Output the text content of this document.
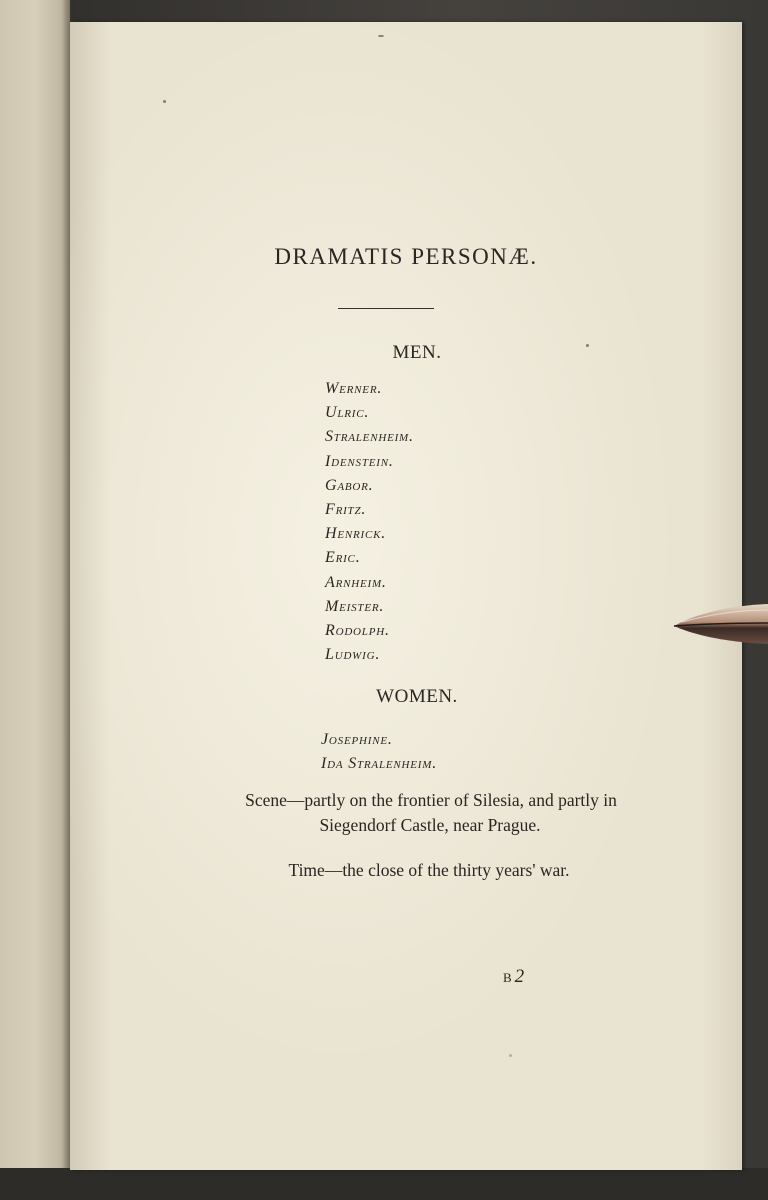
DRAMATIS PERSONÆ.
MEN.
Werner.
Ulric.
Stralenheim.
Idenstein.
Gabor.
Fritz.
Henrick.
Eric.
Arnheim.
Meister.
Rodolph.
Ludwig.
WOMEN.
Josephine.
Ida Stralenheim.
Scene—partly on the frontier of Silesia, and partly in
Siegendorf Castle, near Prague.
Time—the close of the thirty years' war.
B 2
